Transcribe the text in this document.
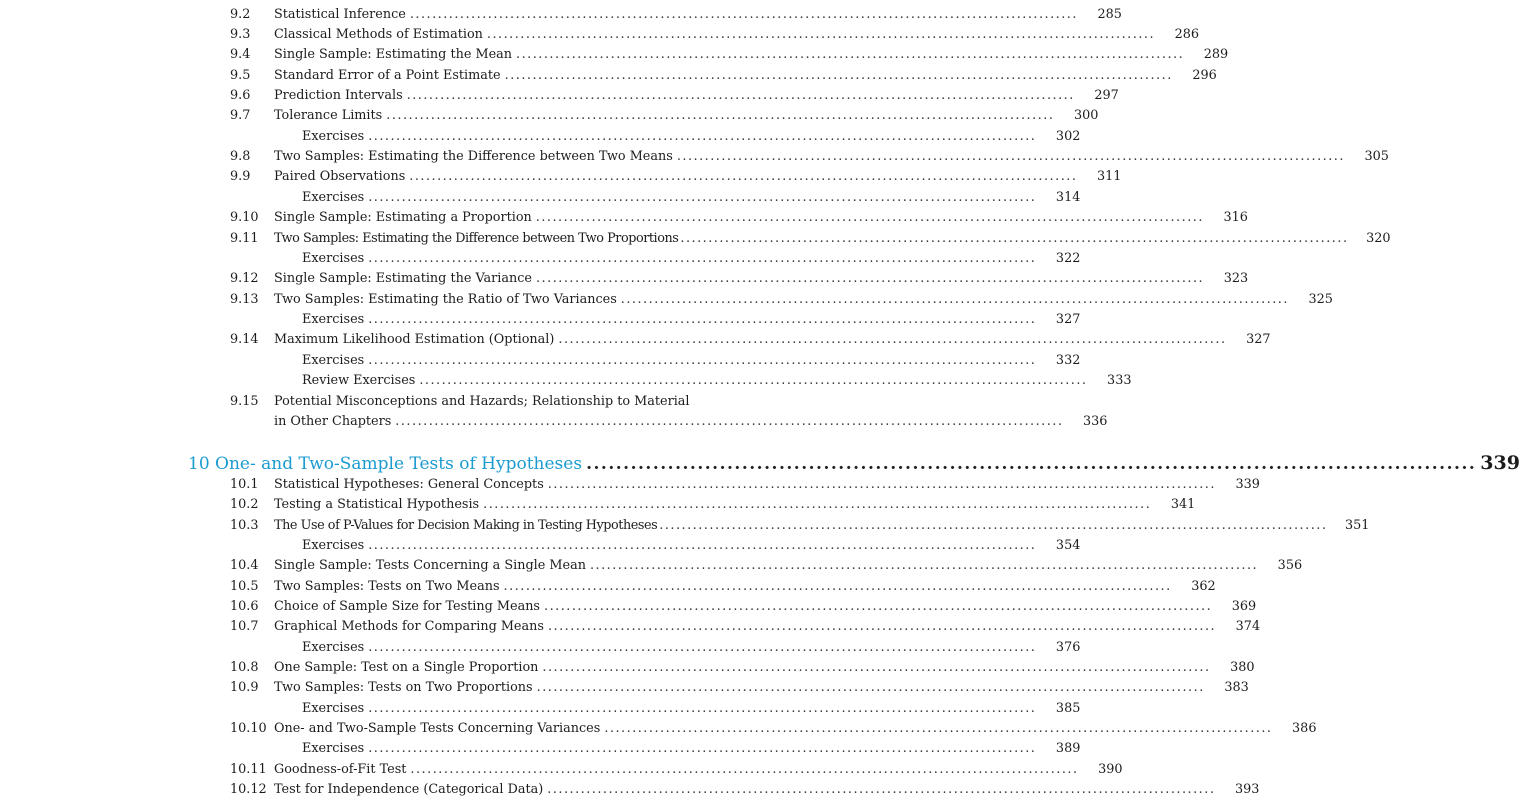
9.2	Statistical Inference ........................................................................................................................	285
9.3	Classical Methods of Estimation ........................................................................................................................	286
9.4	Single Sample: Estimating the Mean ........................................................................................................................	289
9.5	Standard Error of a Point Estimate ........................................................................................................................	296
9.6	Prediction Intervals ........................................................................................................................	297
9.7	Tolerance Limits ........................................................................................................................	300
Exercises ........................................................................................................................	302
9.8	Two Samples: Estimating the Difference between Two Means ........................................................................................................................	305
9.9	Paired Observations ........................................................................................................................	311
Exercises ........................................................................................................................	314
9.10	Single Sample: Estimating a Proportion ........................................................................................................................	316
9.11	Two Samples: Estimating the Difference between Two Proportions ........................................................................................................................	320
Exercises ........................................................................................................................	322
9.12	Single Sample: Estimating the Variance ........................................................................................................................	323
9.13	Two Samples: Estimating the Ratio of Two Variances ........................................................................................................................	325
Exercises ........................................................................................................................	327
9.14	Maximum Likelihood Estimation (Optional) ........................................................................................................................	327
Exercises ........................................................................................................................	332
Review Exercises ........................................................................................................................	333
9.15	Potential Misconceptions and Hazards; Relationship to Material
in Other Chapters ........................................................................................................................	336
10 One- and Two-Sample Tests of Hypotheses ........................................................................................................................ 339
10.1	Statistical Hypotheses: General Concepts ........................................................................................................................	339
10.2	Testing a Statistical Hypothesis ........................................................................................................................	341
10.3	The Use of P-Values for Decision Making in Testing Hypotheses ........................................................................................................................	351
Exercises ........................................................................................................................	354
10.4	Single Sample: Tests Concerning a Single Mean ........................................................................................................................	356
10.5	Two Samples: Tests on Two Means ........................................................................................................................	362
10.6	Choice of Sample Size for Testing Means ........................................................................................................................	369
10.7	Graphical Methods for Comparing Means ........................................................................................................................	374
Exercises ........................................................................................................................	376
10.8	One Sample: Test on a Single Proportion ........................................................................................................................	380
10.9	Two Samples: Tests on Two Proportions ........................................................................................................................	383
Exercises ........................................................................................................................	385
10.10 One- and Two-Sample Tests Concerning Variances ........................................................................................................................	386
Exercises ........................................................................................................................	389
10.11 Goodness-of-Fit Test ........................................................................................................................	390
10.12 Test for Independence (Categorical Data) ........................................................................................................................	393
